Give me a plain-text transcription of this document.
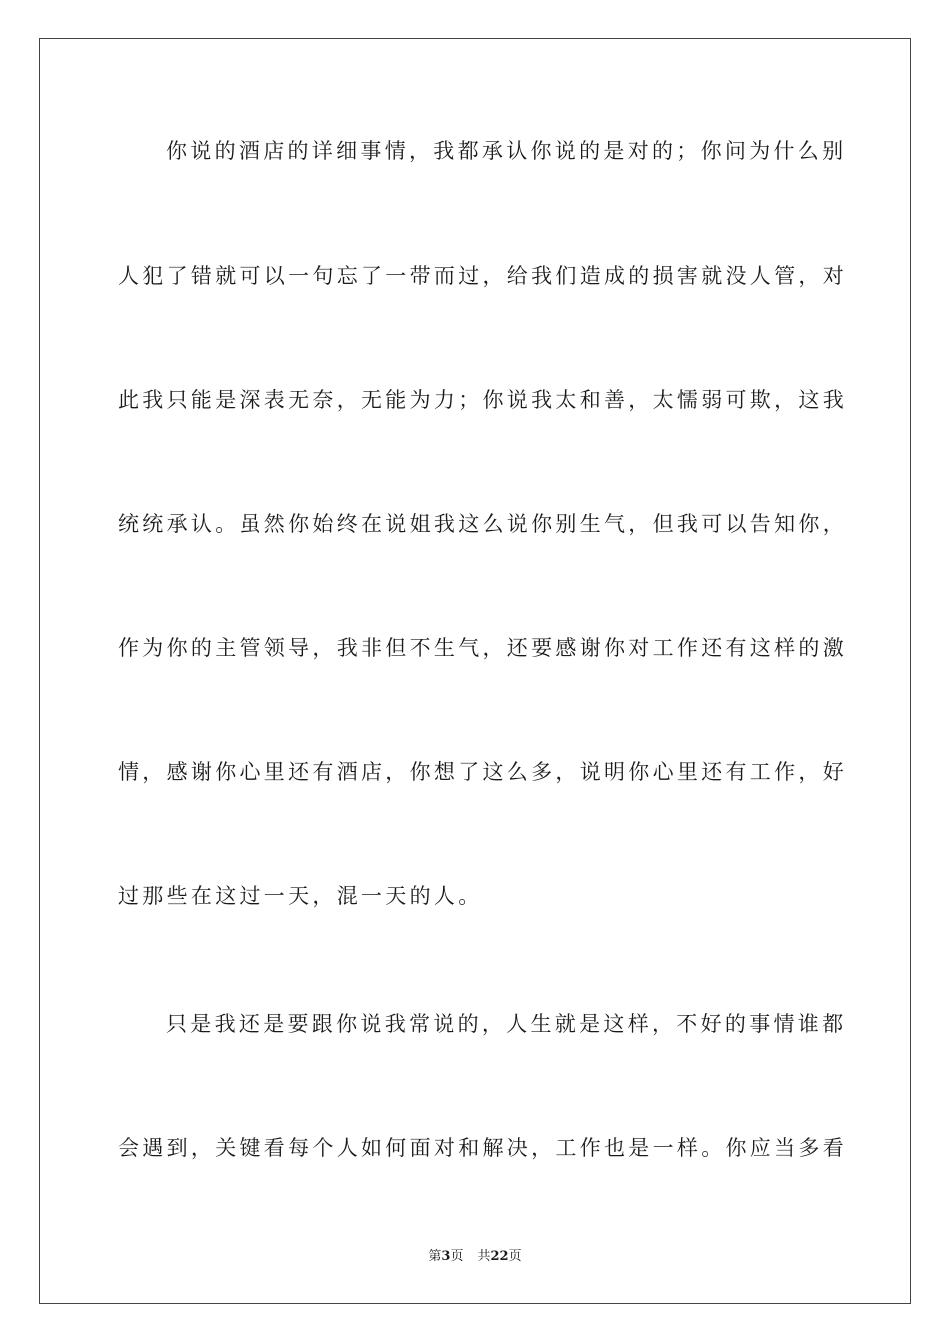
你说的酒店的详细事情，我都承认你说的是对的；你问为什么别
人犯了错就可以一句忘了一带而过，给我们造成的损害就没人管，对
此我只能是深表无奈，无能为力；你说我太和善，太懦弱可欺，这我
统统承认。虽然你始终在说姐我这么说你别生气，但我可以告知你，
作为你的主管领导，我非但不生气，还要感谢你对工作还有这样的激
情，感谢你心里还有酒店，你想了这么多，说明你心里还有工作，好
过那些在这过一天，混一天的人。
只是我还是要跟你说我常说的，人生就是这样，不好的事情谁都
会遇到，关键看每个人如何面对和解决，工作也是一样。你应当多看
第3页 共22页
